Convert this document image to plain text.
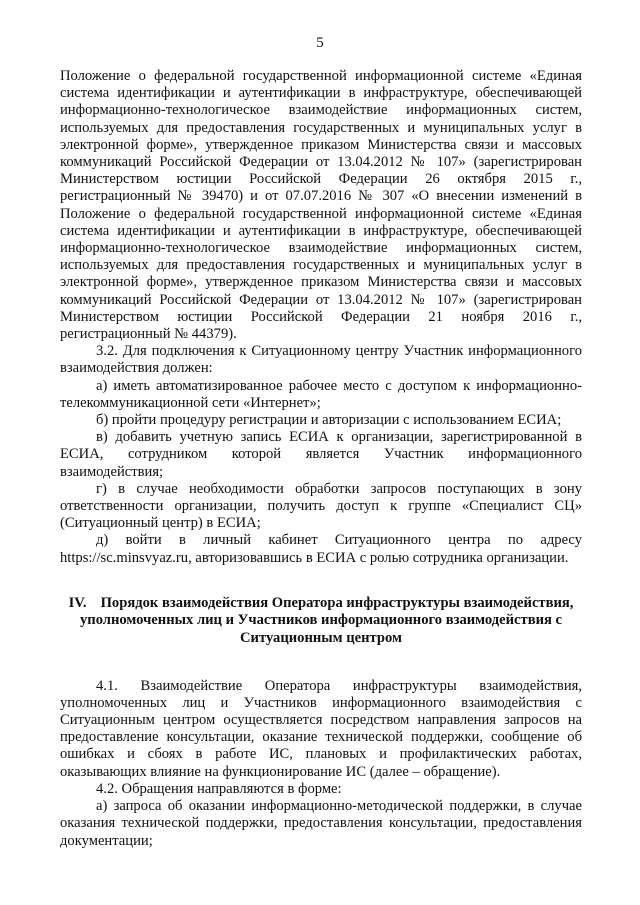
5

Положение о федеральной государственной информационной системе «Единая система идентификации и аутентификации в инфраструктуре, обеспечивающей информационно-технологическое взаимодействие информационных систем, используемых для предоставления государственных и муниципальных услуг в электронной форме», утвержденное приказом Министерства связи и массовых коммуникаций Российской Федерации от 13.04.2012 № 107» (зарегистрирован Министерством юстиции Российской Федерации 26 октября 2015 г., регистрационный № 39470) и от 07.07.2016 № 307 «О внесении изменений в Положение о федеральной государственной информационной системе «Единая система идентификации и аутентификации в инфраструктуре, обеспечивающей информационно-технологическое взаимодействие информационных систем, используемых для предоставления государственных и муниципальных услуг в электронной форме», утвержденное приказом Министерства связи и массовых коммуникаций Российской Федерации от 13.04.2012 № 107» (зарегистрирован Министерством юстиции Российской Федерации 21 ноября 2016 г., регистрационный № 44379).

3.2. Для подключения к Ситуационному центру Участник информационного взаимодействия должен:

а) иметь автоматизированное рабочее место с доступом к информационно-телекоммуникационной сети «Интернет»;

б) пройти процедуру регистрации и авторизации с использованием ЕСИА;

в) добавить учетную запись ЕСИА к организации, зарегистрированной в ЕСИА, сотрудником которой является Участник информационного взаимодействия;

г) в случае необходимости обработки запросов поступающих в зону ответственности организации, получить доступ к группе «Специалист СЦ» (Ситуационный центр) в ЕСИА;

д) войти в личный кабинет Ситуационного центра по адресу https://sc.minsvyaz.ru, авторизовавшись в ЕСИА с ролью сотрудника организации.

IV. Порядок взаимодействия Оператора инфраструктуры взаимодействия, уполномоченных лиц и Участников информационного взаимодействия с Ситуационным центром

4.1. Взаимодействие Оператора инфраструктуры взаимодействия, уполномоченных лиц и Участников информационного взаимодействия с Ситуационным центром осуществляется посредством направления запросов на предоставление консультации, оказание технической поддержки, сообщение об ошибках и сбоях в работе ИС, плановых и профилактических работах, оказывающих влияние на функционирование ИС (далее – обращение).

4.2. Обращения направляются в форме:

а) запроса об оказании информационно-методической поддержки, в случае оказания технической поддержки, предоставления консультации, предоставления документации;
